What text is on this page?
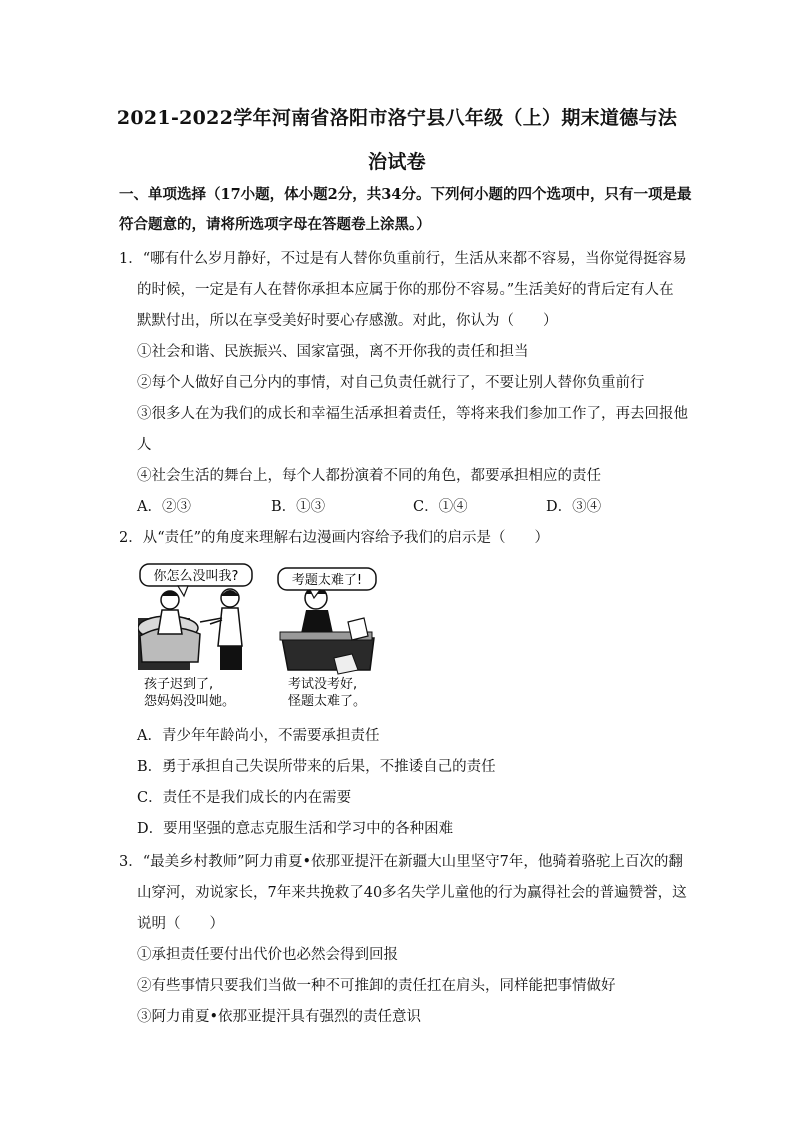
2021-2022学年河南省洛阳市洛宁县八年级（上）期末道德与法
治试卷
一、单项选择（17小题，体小题2分，共34分。下列何小题的四个选项中，只有一项是最
符合题意的，请将所选项字母在答题卷上涂黑。）
1．“哪有什么岁月静好，不过是有人替你负重前行，生活从来都不容易，当你觉得挺容易
的时候，一定是有人在替你承担本应属于你的那份不容易。”生活美好的背后定有人在
默默付出，所以在享受美好时要心存感激。对此，你认为（　　）
①社会和谐、民族振兴、国家富强，离不开你我的责任和担当
②每个人做好自己分内的事情，对自己负责任就行了，不要让别人替你负重前行
③很多人在为我们的成长和幸福生活承担着责任，等将来我们参加工作了，再去回报他
人
④社会生活的舞台上，每个人都扮演着不同的角色，都要承担相应的责任
A．②③	B．①③	C．①④	D．③④
2．从“责任”的角度来理解右边漫画内容给予我们的启示是（　　）
你怎么没叫我?	考题太难了!
孩子迟到了,
怨妈妈没叫她。
考试没考好,
怪题太难了。
A．青少年年龄尚小，不需要承担责任
B．勇于承担自己失误所带来的后果，不推诿自己的责任
C．责任不是我们成长的内在需要
D．要用坚强的意志克服生活和学习中的各种困难
3．“最美乡村教师”阿力甫夏•依那亚提汗在新疆大山里坚守7年，他骑着骆驼上百次的翻
山穿河，劝说家长，7年来共挽救了40多名失学儿童他的行为赢得社会的普遍赞誉，这
说明（　　）
①承担责任要付出代价也必然会得到回报
②有些事情只要我们当做一种不可推卸的责任扛在肩头，同样能把事情做好
③阿力甫夏•依那亚提汗具有强烈的责任意识
